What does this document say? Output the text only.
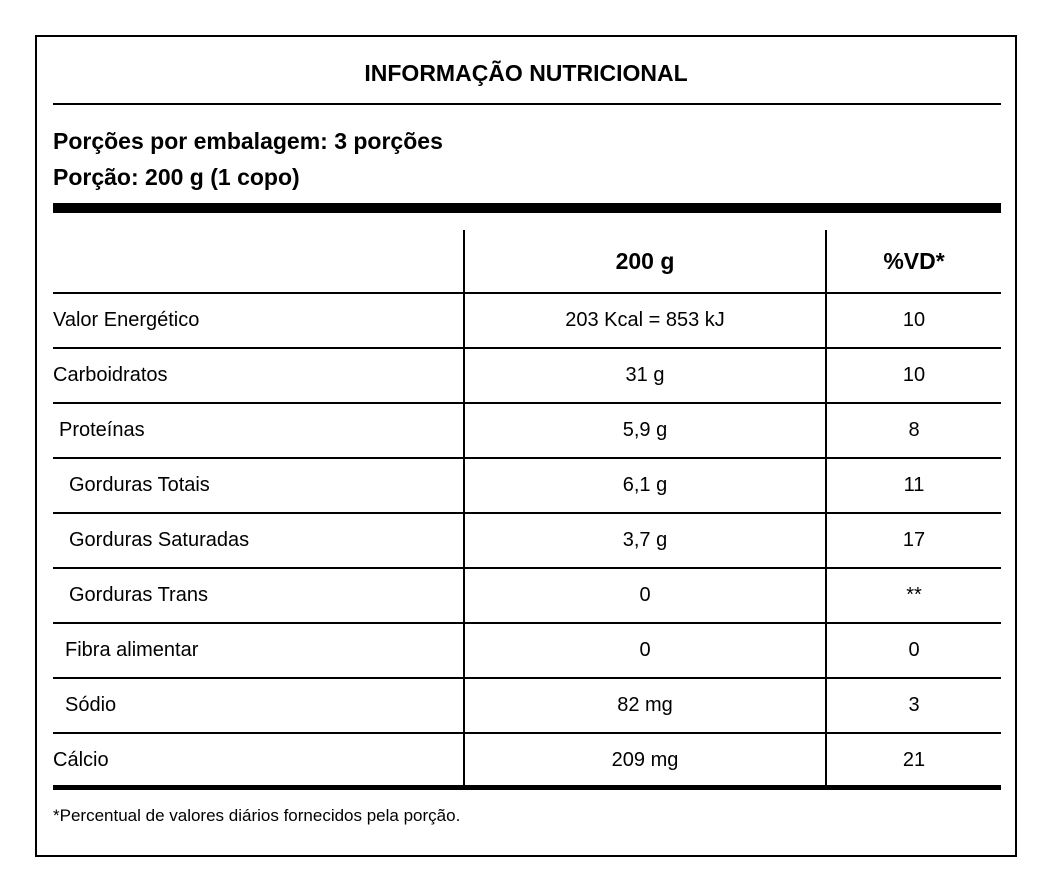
INFORMAÇÃO NUTRICIONAL
Porções por embalagem: 3 porções
Porção: 200 g (1 copo)
	200 g	%VD*
Valor Energético	203 Kcal = 853 kJ	10
Carboidratos	31 g	10
Proteínas	5,9 g	8
Gorduras Totais	6,1 g	11
Gorduras Saturadas	3,7 g	17
Gorduras Trans	0	**
Fibra alimentar	0	0
Sódio	82 mg	3
Cálcio	209 mg	21
*Percentual de valores diários fornecidos pela porção.
